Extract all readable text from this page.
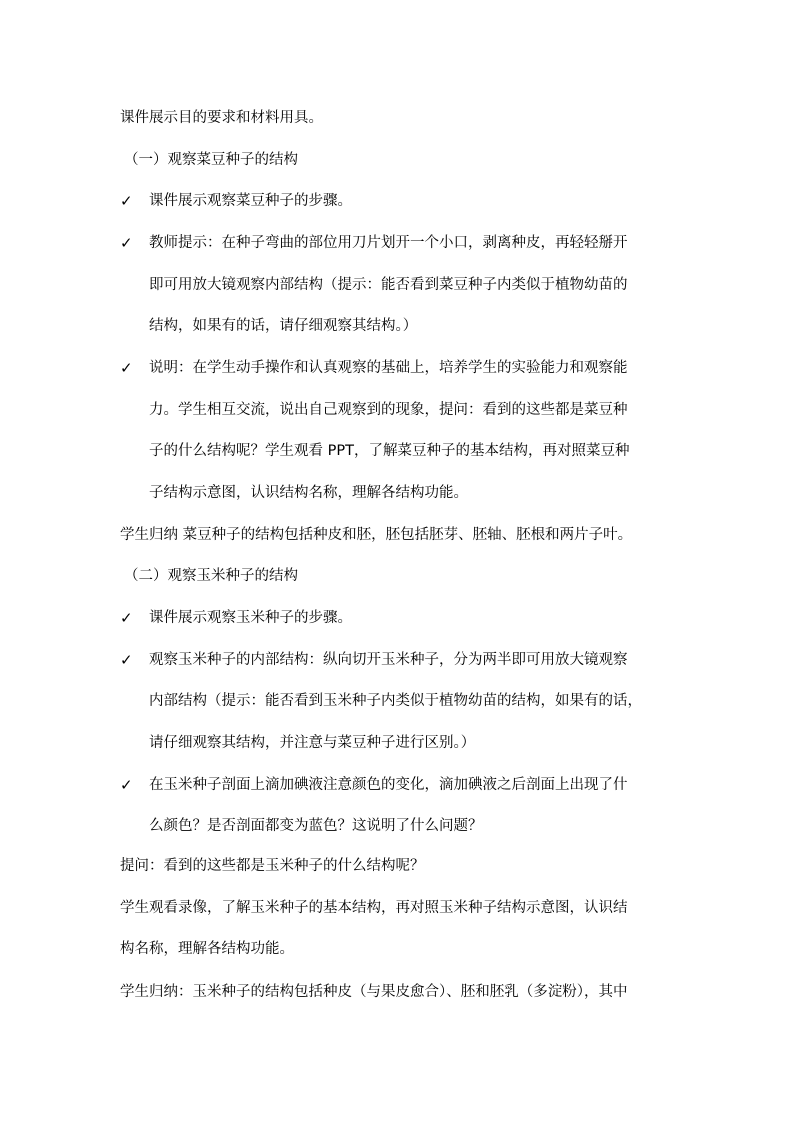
课件展示目的要求和材料用具。
（一）观察菜豆种子的结构
✓ 课件展示观察菜豆种子的步骤。
✓ 教师提示：在种子弯曲的部位用刀片划开一个小口，剥离种皮，再轻轻掰开
即可用放大镜观察内部结构（提示：能否看到菜豆种子内类似于植物幼苗的
结构，如果有的话，请仔细观察其结构。）
✓ 说明：在学生动手操作和认真观察的基础上，培养学生的实验能力和观察能
力。学生相互交流，说出自己观察到的现象，提问：看到的这些都是菜豆种
子的什么结构呢？学生观看 PPT，了解菜豆种子的基本结构，再对照菜豆种
子结构示意图，认识结构名称，理解各结构功能。
学生归纳 菜豆种子的结构包括种皮和胚，胚包括胚芽、胚轴、胚根和两片子叶。
（二）观察玉米种子的结构
✓ 课件展示观察玉米种子的步骤。
✓ 观察玉米种子的内部结构：纵向切开玉米种子，分为两半即可用放大镜观察
内部结构（提示：能否看到玉米种子内类似于植物幼苗的结构，如果有的话，
请仔细观察其结构，并注意与菜豆种子进行区别。）
✓ 在玉米种子剖面上滴加碘液注意颜色的变化，滴加碘液之后剖面上出现了什
么颜色？是否剖面都变为蓝色？这说明了什么问题？
提问：看到的这些都是玉米种子的什么结构呢？
学生观看录像，了解玉米种子的基本结构，再对照玉米种子结构示意图，认识结
构名称，理解各结构功能。
学生归纳：玉米种子的结构包括种皮（与果皮愈合）、胚和胚乳（多淀粉），其中
